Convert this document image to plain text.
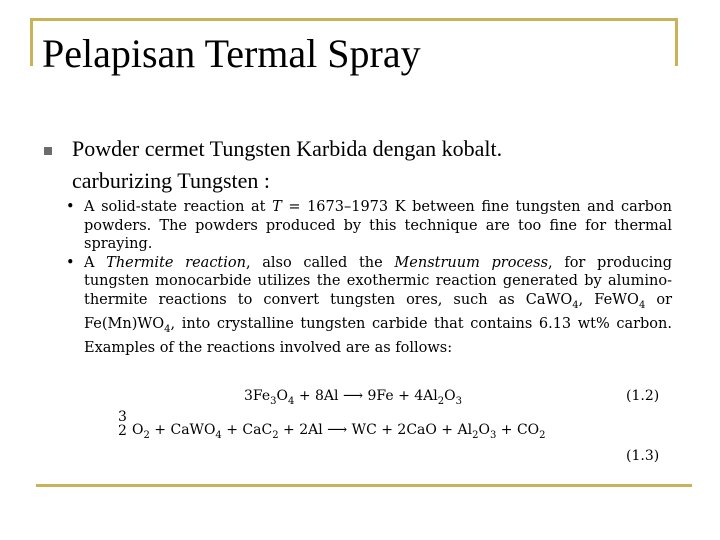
Pelapisan Termal Spray
Powder cermet Tungsten Karbida dengan kobalt.
carburizing Tungsten :
• A solid-state reaction at T = 1673–1973 K between fine tungsten and carbon powders. The powders produced by this technique are too fine for thermal spraying.
• A Thermite reaction, also called the Menstruum process, for producing tungsten monocarbide utilizes the exothermic reaction generated by alumino-thermite reactions to convert tungsten ores, such as CaWO$_4$, FeWO$_4$ or $Fe(Mn)WO_4$, into crystalline tungsten carbide that contains 6.13 wt% carbon. Examples of the reactions involved are as follows:
$3Fe_3O_4 + 8Al$ ⟶ $9Fe + 4Al_2O_3$	(1.2)
3
2 $O_2$ + CaWO$_4$ + CaC$_2$ + 2Al ⟶ WC + $2CaO + Al_2O_3 + CO_2$
(1.3)
